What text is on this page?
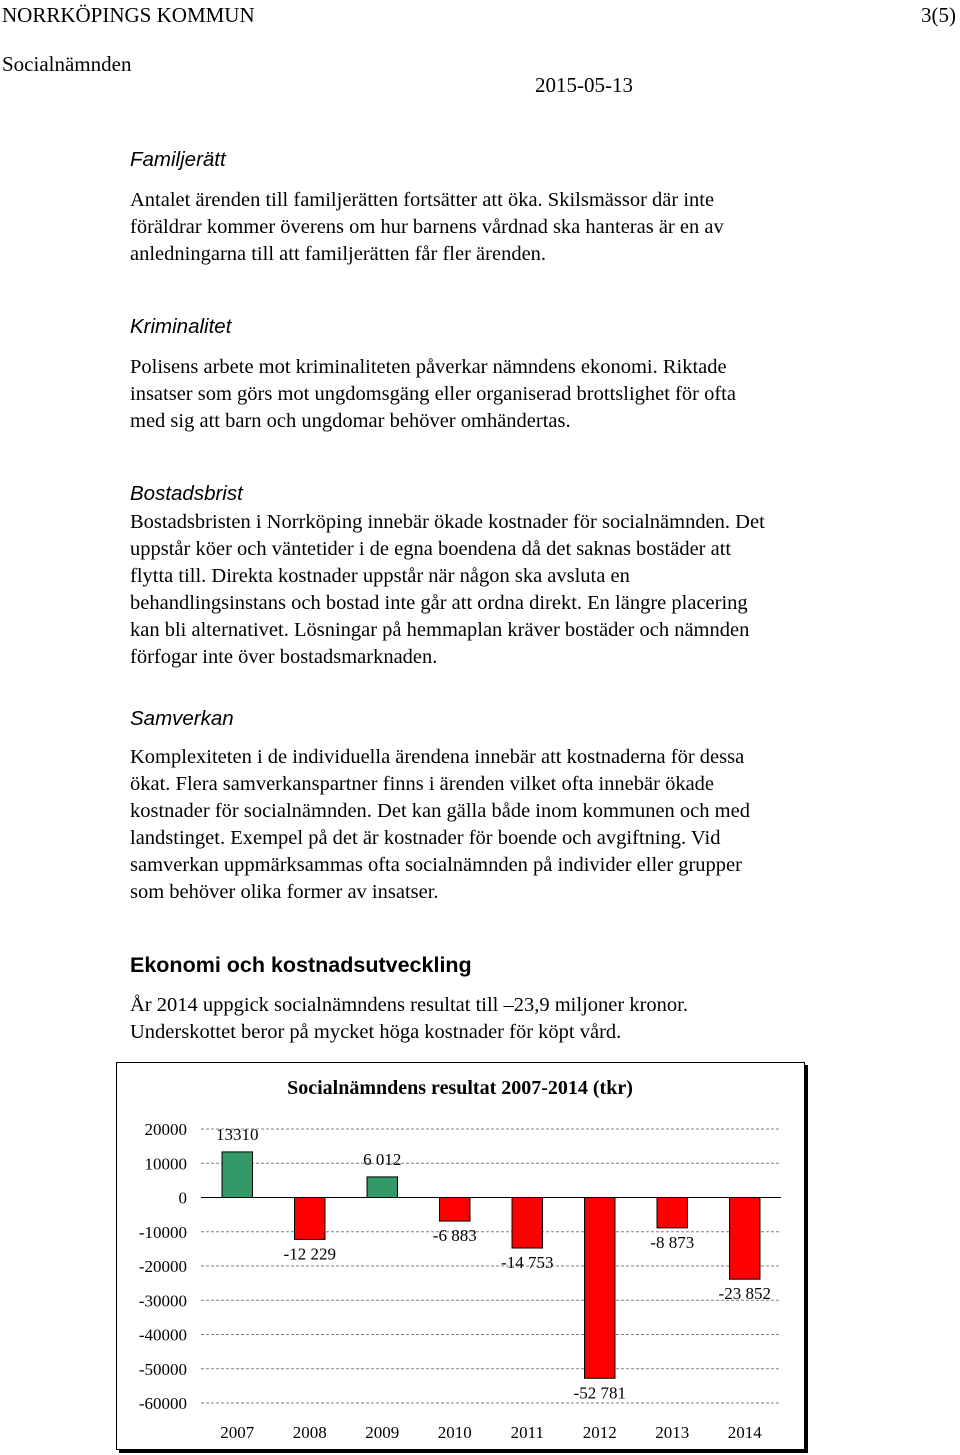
NORRKÖPINGS KOMMUN	3(5)
Socialnämnden
2015-05-13
Familjerätt
Antalet ärenden till familjerätten fortsätter att öka. Skilsmässor där inte
föräldrar kommer överens om hur barnens vårdnad ska hanteras är en av
anledningarna till att familjerätten får fler ärenden.
Kriminalitet
Polisens arbete mot kriminaliteten påverkar nämndens ekonomi. Riktade
insatser som görs mot ungdomsgäng eller organiserad brottslighet för ofta
med sig att barn och ungdomar behöver omhändertas.
Bostadsbrist
Bostadsbristen i Norrköping innebär ökade kostnader för socialnämnden. Det
uppstår köer och väntetider i de egna boendena då det saknas bostäder att
flytta till. Direkta kostnader uppstår när någon ska avsluta en
behandlingsinstans och bostad inte går att ordna direkt. En längre placering
kan bli alternativet. Lösningar på hemmaplan kräver bostäder och nämnden
förfogar inte över bostadsmarknaden.
Samverkan
Komplexiteten i de individuella ärendena innebär att kostnaderna för dessa
ökat. Flera samverkanspartner finns i ärenden vilket ofta innebär ökade
kostnader för socialnämnden. Det kan gälla både inom kommunen och med
landstinget. Exempel på det är kostnader för boende och avgiftning. Vid
samverkan uppmärksammas ofta socialnämnden på individer eller grupper
som behöver olika former av insatser.
Ekonomi och kostnadsutveckling
År 2014 uppgick socialnämndens resultat till –23,9 miljoner kronor.
Underskottet beror på mycket höga kostnader för köpt vård.
Socialnämndens resultat 2007-2014 (tkr)
20000
10000
0
-10000
-20000
-30000
-40000
-50000
-60000
13310
2007
-12 229
2008
6 012
2009
-6 883
2010
-14 753
2011
-52 781
2012
-8 873
2013
-23 852
2014
